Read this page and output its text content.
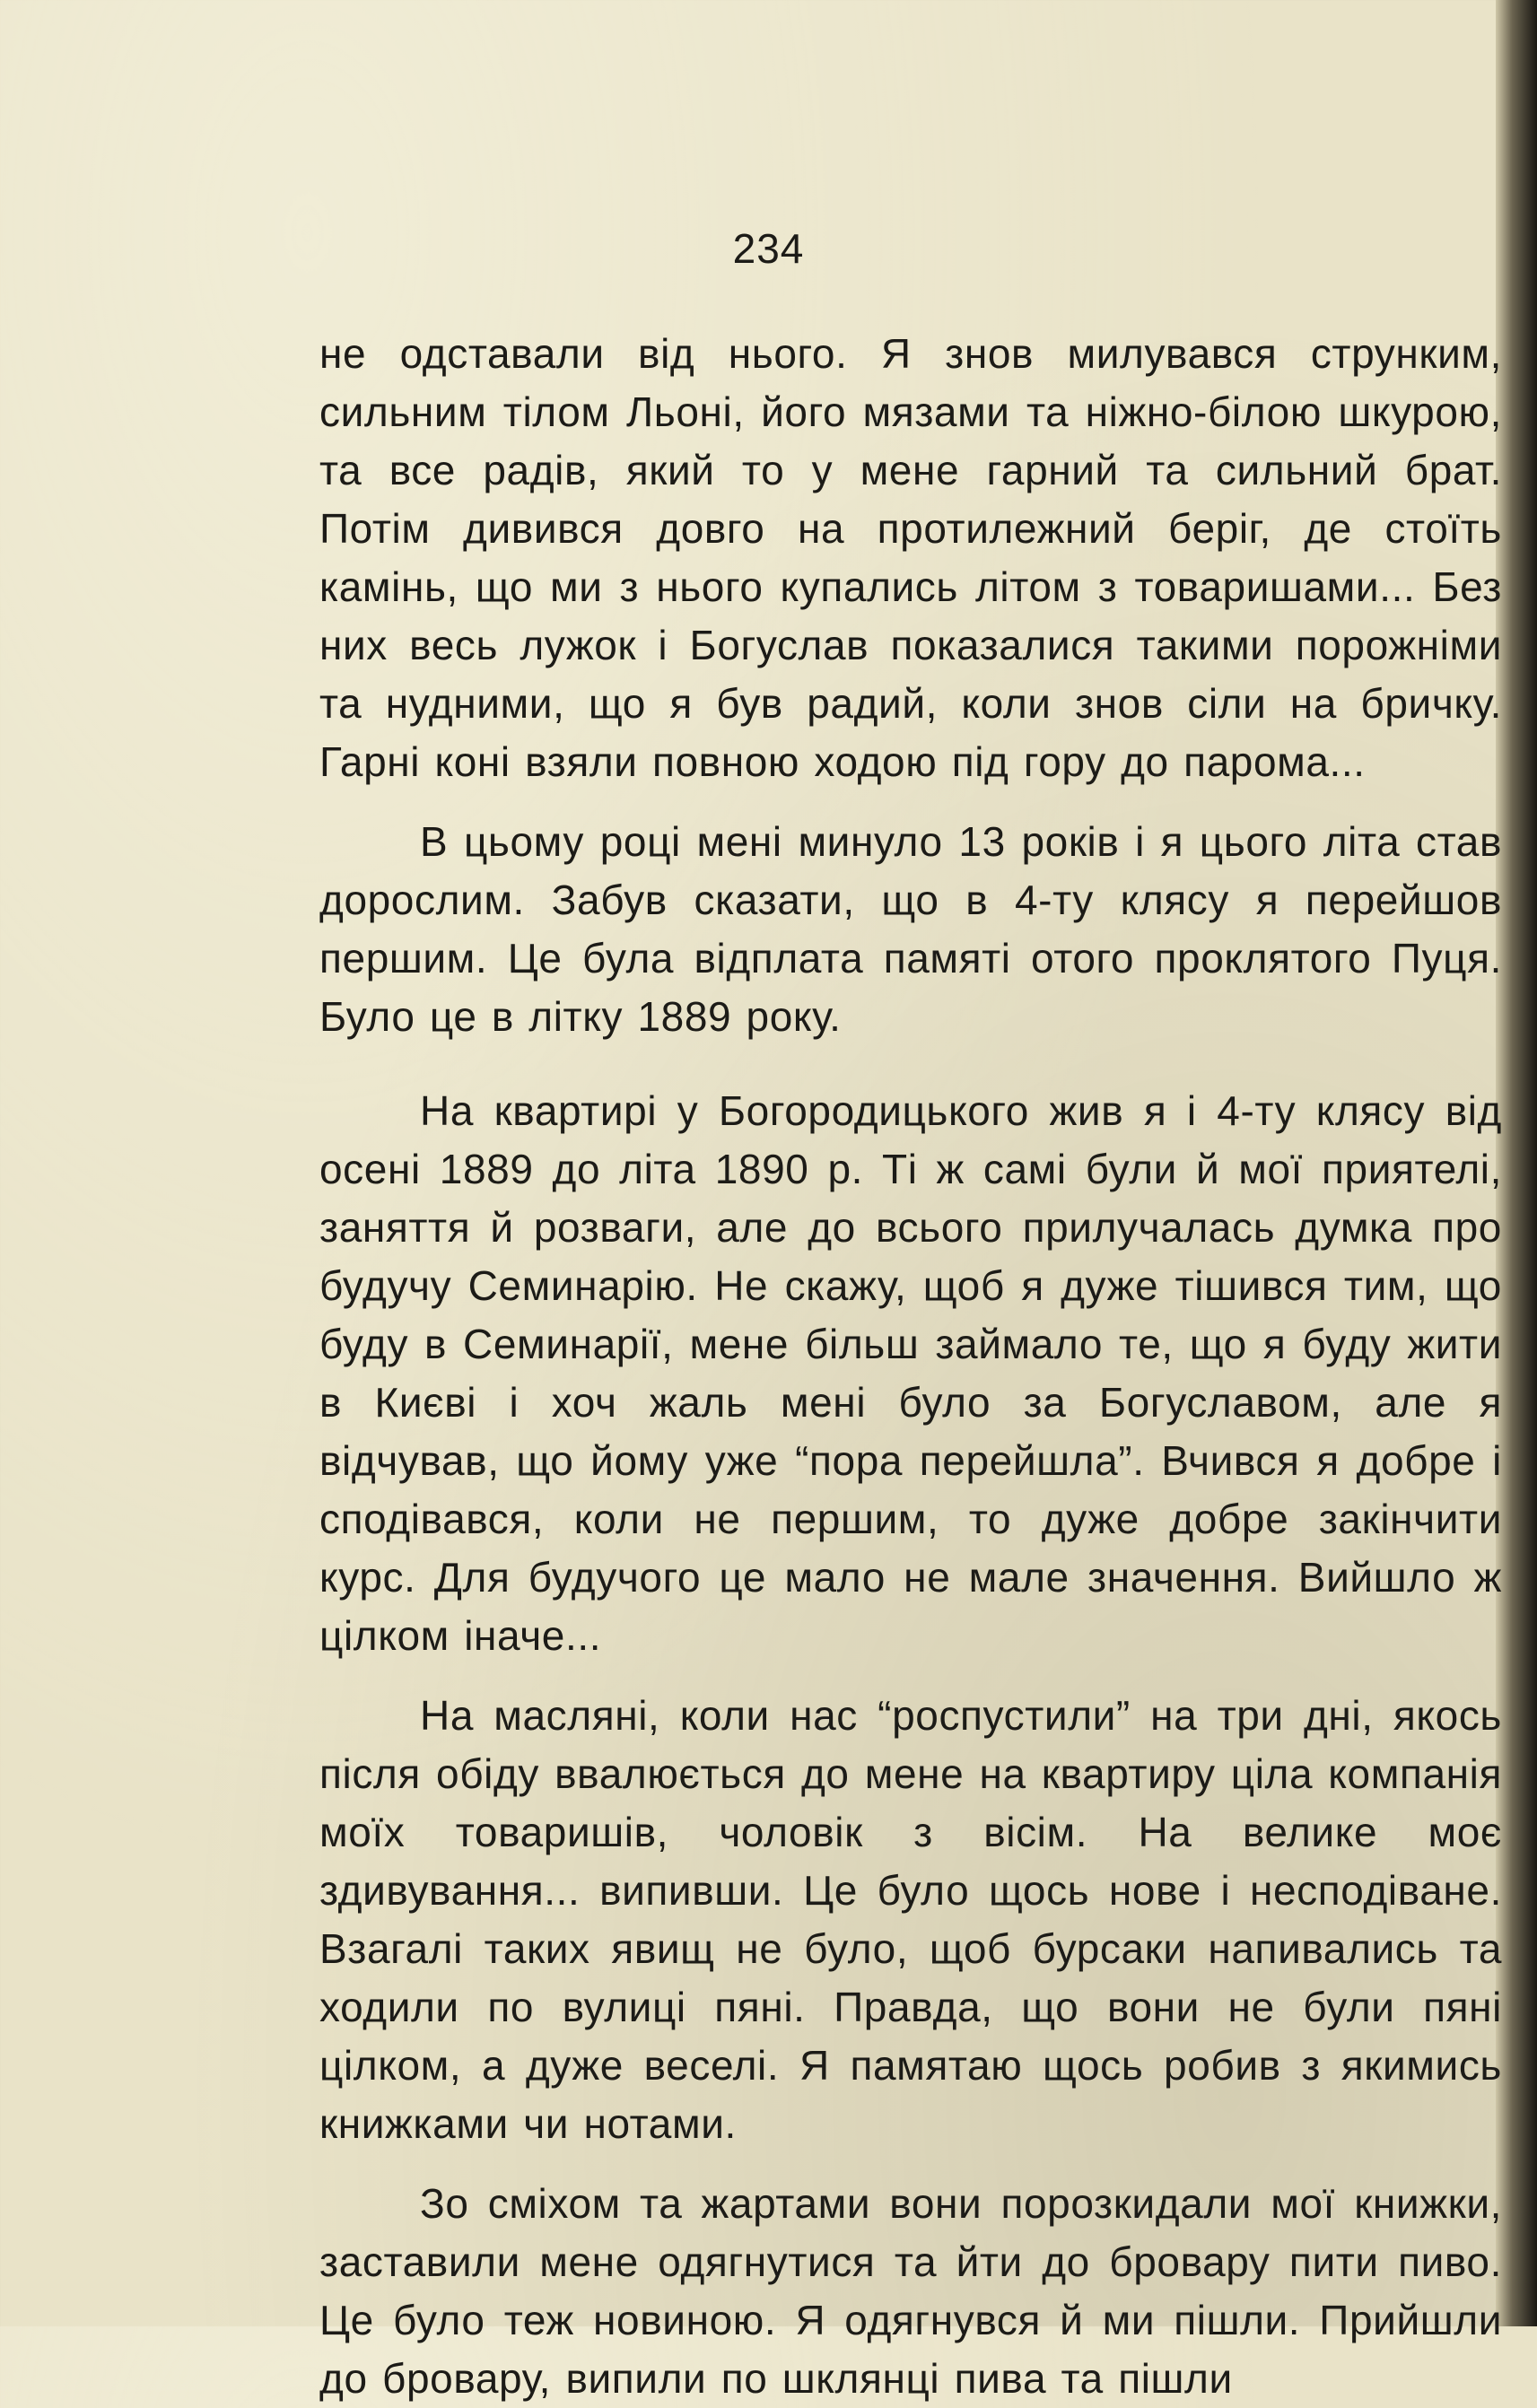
234

не одставали від нього. Я знов милувався струнким, сильним тілом Льоні, його мязами та ніжно-білою шкурою, та все радів, який то у мене гарний та сильний брат. Потім дивився довго на протилежний беріг, де стоїть камінь, що ми з нього купались літом з товаришами... Без них весь лужок і Богуслав показалися такими порожніми та нудними, що я був радий, коли знов сіли на бричку. Гарні коні взяли повною ходою під гору до парома...

В цьому році мені минуло 13 років і я цього літа став дорослим. Забув сказати, що в 4-ту клясу я перейшов першим. Це була відплата памяті отого проклятого Пуця. Було це в літку 1889 року.

На квартирі у Богородицького жив я і 4-ту клясу від осені 1889 до літа 1890 р. Ті ж самі були й мої приятелі, заняття й розваги, але до всього прилучалась думка про будучу Семинарію. Не скажу, щоб я дуже тішився тим, що буду в Семинарії, мене більш займало те, що я буду жити в Києві і хоч жаль мені було за Богуславом, але я відчував, що йому уже “пора перейшла”. Вчився я добре і сподівався, коли не першим, то дуже добре закінчити курс. Для будучого це мало не мале значення. Вийшло ж цілком іначе...

На масляні, коли нас “роспустили” на три дні, якось після обіду ввалюється до мене на квартиру ціла компанія моїх товаришів, чоловік з вісім. На велике моє здивування... випивши. Це було щось нове і несподіване. Взагалі таких явищ не було, щоб бурсаки напивались та ходили по вулиці пяні. Правда, що вони не були пяні цілком, а дуже веселі. Я памятаю щось робив з якимись книжками чи нотами.

Зо сміхом та жартами вони порозкидали мої книжки, заставили мене одягнутися та йти до бровару пити пиво. Це було теж новиною. Я одягнувся й ми пішли. Прийшли до бровару, випили по шклянці пива та пішли
